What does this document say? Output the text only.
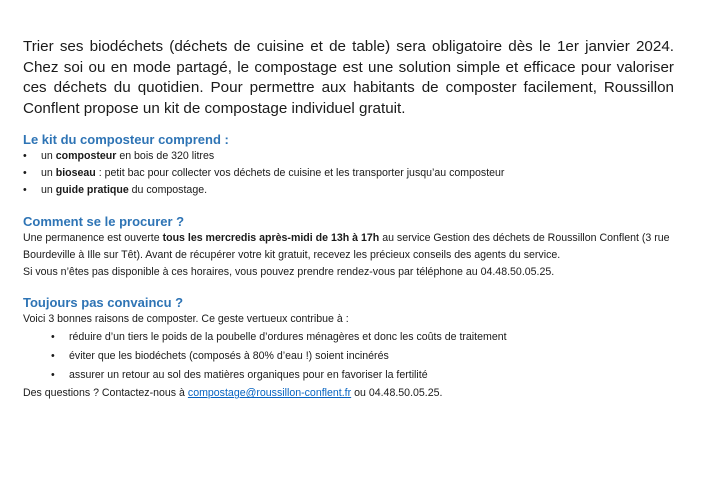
Trier ses biodéchets (déchets de cuisine et de table) sera obligatoire dès le 1er janvier 2024. Chez soi ou en mode partagé, le compostage est une solution simple et efficace pour valoriser ces déchets du quotidien. Pour permettre aux habitants de composter facilement, Roussillon Conflent propose un kit de compostage individuel gratuit.

Le kit du composteur comprend :
• un composteur en bois de 320 litres
• un bioseau : petit bac pour collecter vos déchets de cuisine et les transporter jusqu’au composteur
• un guide pratique du compostage.
Comment se le procurer ?

Une permanence est ouverte tous les mercredis après-midi de 13h à 17h au service Gestion des déchets de Roussillon Conflent (3 rue Bourdeville à Ille sur Têt). Avant de récupérer votre kit gratuit, recevez les précieux conseils des agents du service.

Si vous n’êtes pas disponible à ces horaires, vous pouvez prendre rendez-vous par téléphone au 04.48.50.05.25.

Toujours pas convaincu ?

Voici 3 bonnes raisons de composter. Ce geste vertueux contribue à :

• réduire d’un tiers le poids de la poubelle d’ordures ménagères et donc les coûts de traitement
• éviter que les biodéchets (composés à 80% d’eau !) soient incinérés
• assurer un retour au sol des matières organiques pour en favoriser la fertilité

Des questions ? Contactez-nous à compostage@roussillon-conflent.fr ou 04.48.50.05.25.
